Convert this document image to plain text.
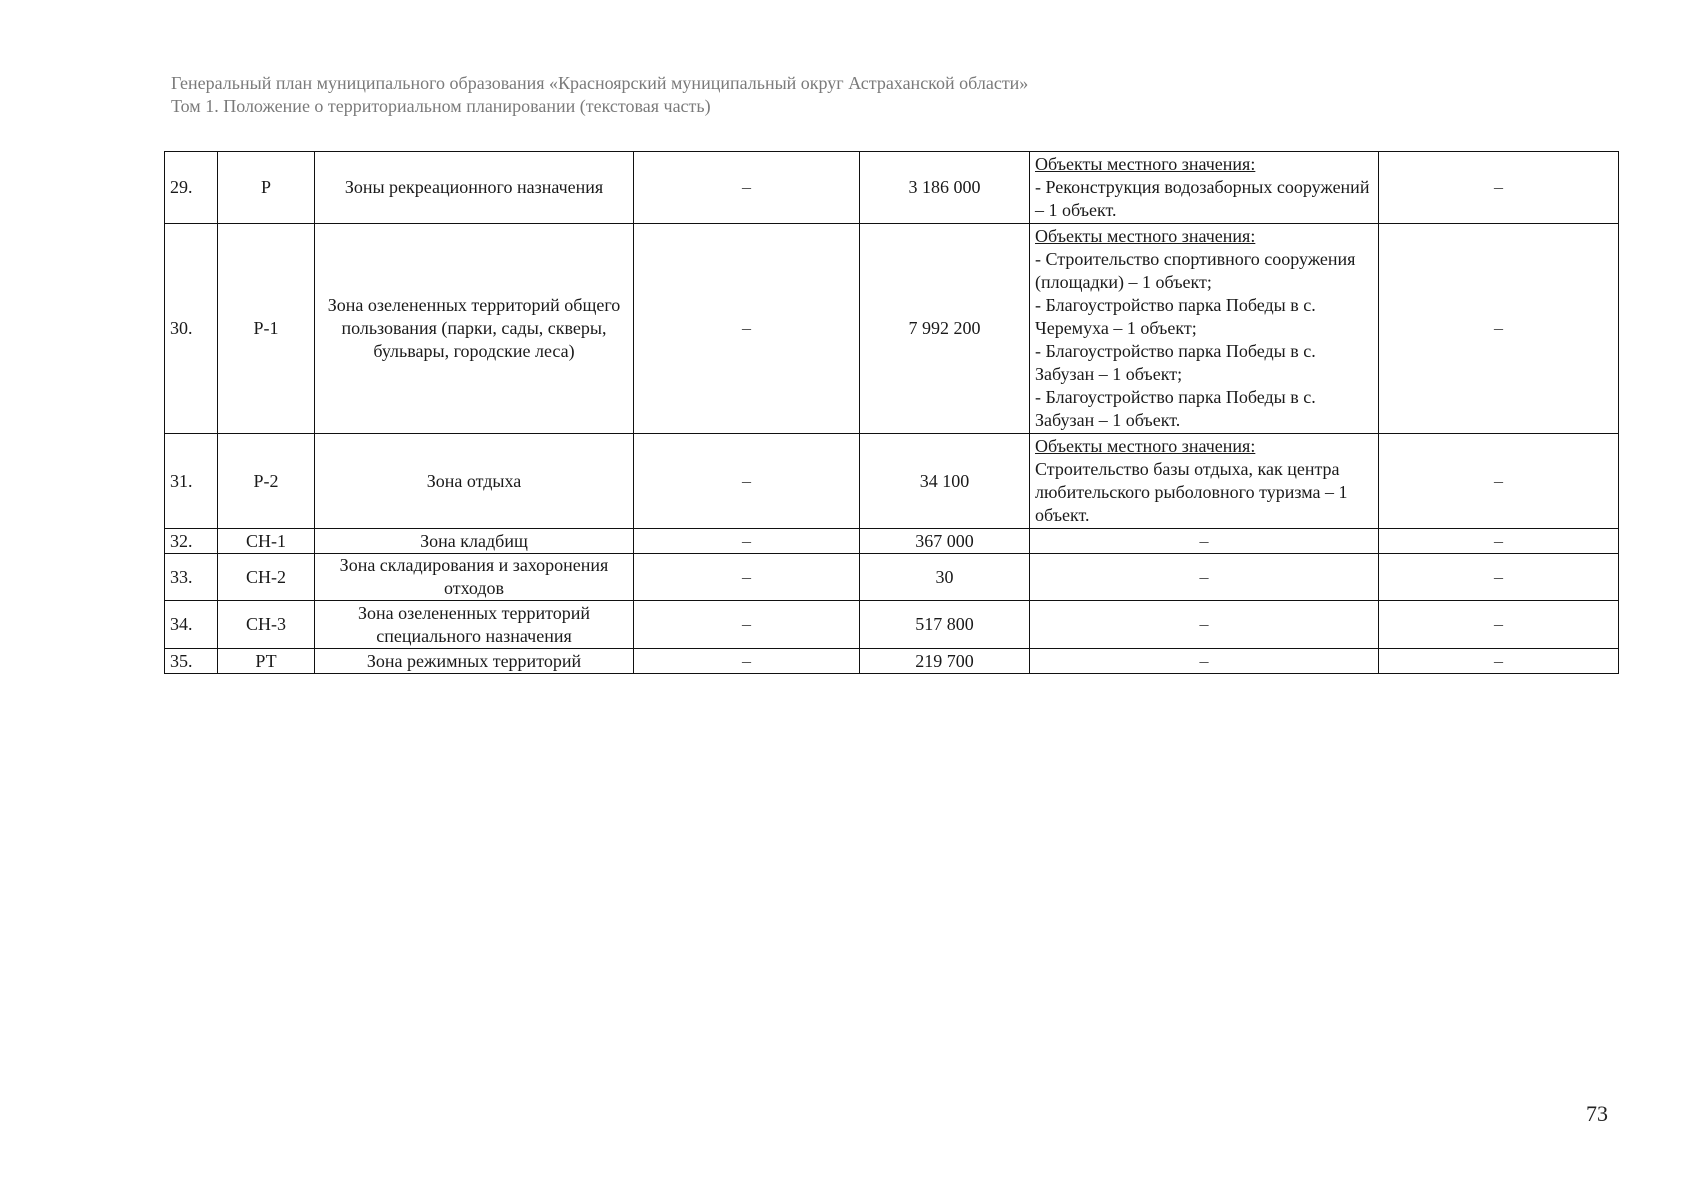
Генеральный план муниципального образования «Красноярский муниципальный округ Астраханской области»
Том 1. Положение о территориальном планировании (текстовая часть)
29.	Р	Зоны рекреационного назначения	–	3 186 000	Объекты местного значения:
- Реконструкция водозаборных сооружений – 1 объект.	–
30.	Р-1	Зона озелененных территорий общего пользования (парки, сады, скверы, бульвары, городские леса)	–	7 992 200	Объекты местного значения:
- Строительство спортивного сооружения (площадки) – 1 объект;
- Благоустройство парка Победы в с. Черемуха – 1 объект;
- Благоустройство парка Победы в с. Забузан – 1 объект;
- Благоустройство парка Победы в с. Забузан – 1 объект.	–
31.	Р-2	Зона отдыха	–	34 100	Объекты местного значения:
Строительство базы отдыха, как центра любительского рыболовного туризма – 1 объект.	–
32.	СН-1	Зона кладбищ	–	367 000	–	–
33.	СН-2	Зона складирования и захоронения отходов	–	30	–	–
34.	СН-3	Зона озелененных территорий специального назначения	–	517 800	–	–
35.	РТ	Зона режимных территорий	–	219 700	–	–
73
